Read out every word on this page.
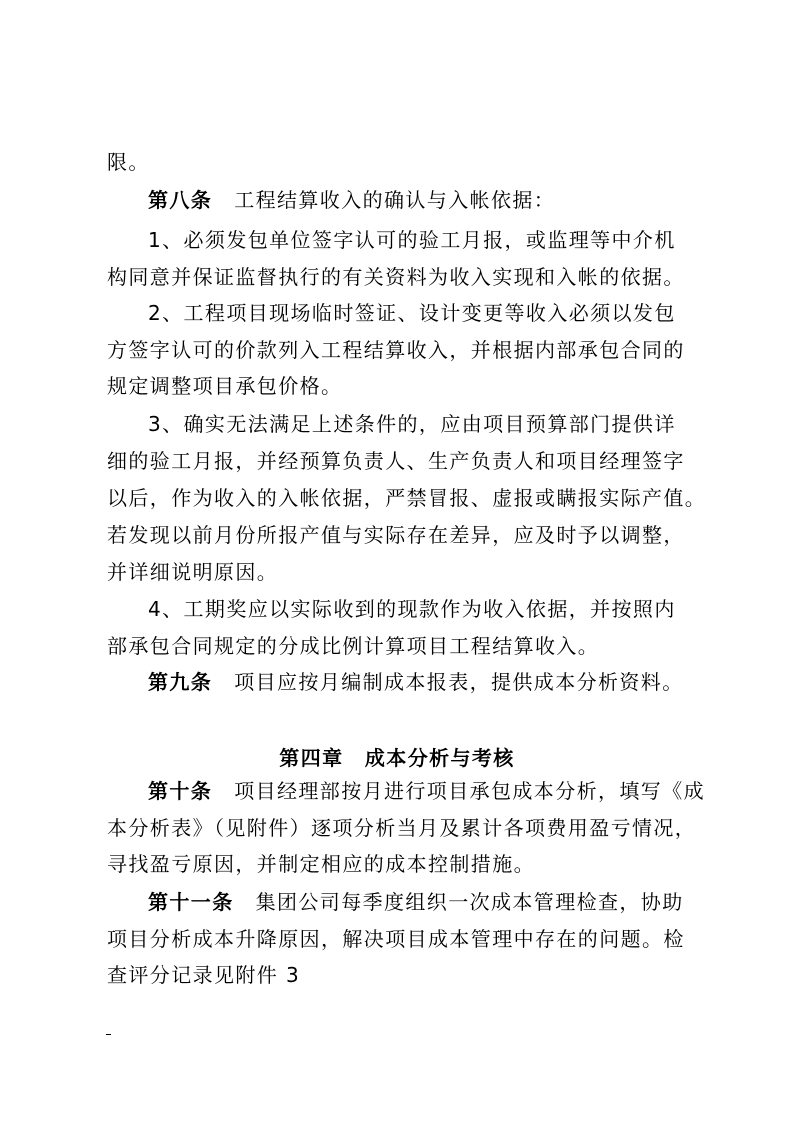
限。
第八条 工程结算收入的确认与入帐依据：
1、必须发包单位签字认可的验工月报，或监理等中介机
构同意并保证监督执行的有关资料为收入实现和入帐的依据。
2、工程项目现场临时签证、设计变更等收入必须以发包
方签字认可的价款列入工程结算收入，并根据内部承包合同的
规定调整项目承包价格。
3、确实无法满足上述条件的，应由项目预算部门提供详
细的验工月报，并经预算负责人、生产负责人和项目经理签字
以后，作为收入的入帐依据，严禁冒报、虚报或瞒报实际产值。
若发现以前月份所报产值与实际存在差异，应及时予以调整，
并详细说明原因。
4、工期奖应以实际收到的现款作为收入依据，并按照内
部承包合同规定的分成比例计算项目工程结算收入。
第九条 项目应按月编制成本报表，提供成本分析资料。
第四章　成本分析与考核
第十条 项目经理部按月进行项目承包成本分析，填写《成
本分析表》（见附件）逐项分析当月及累计各项费用盈亏情况，
寻找盈亏原因，并制定相应的成本控制措施。
第十一条 集团公司每季度组织一次成本管理检查，协助
项目分析成本升降原因，解决项目成本管理中存在的问题。检
查评分记录见附件 3
